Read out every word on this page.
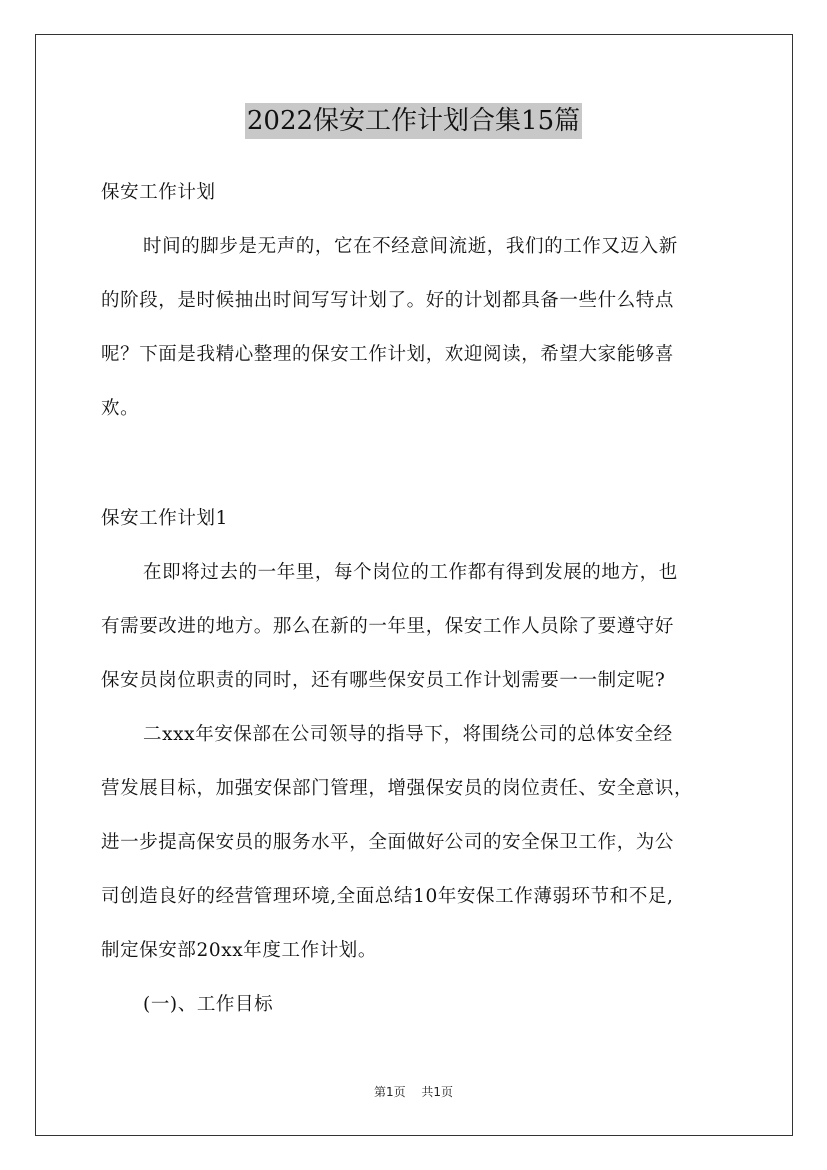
2022保安工作计划合集15篇
保安工作计划
时间的脚步是无声的，它在不经意间流逝，我们的工作又迈入新
的阶段，是时候抽出时间写写计划了。好的计划都具备一些什么特点
呢？下面是我精心整理的保安工作计划，欢迎阅读，希望大家能够喜
欢。
保安工作计划1
在即将过去的一年里，每个岗位的工作都有得到发展的地方，也
有需要改进的地方。那么在新的一年里，保安工作人员除了要遵守好
保安员岗位职责的同时，还有哪些保安员工作计划需要一一制定呢?
二xxx年安保部在公司领导的指导下，将围绕公司的总体安全经
营发展目标，加强安保部门管理，增强保安员的岗位责任、安全意识，
进一步提高保安员的服务水平，全面做好公司的安全保卫工作，为公
司创造良好的经营管理环境,全面总结10年安保工作薄弱环节和不足,
制定保安部20xx年度工作计划。
(一)、工作目标
第1页 共1页
